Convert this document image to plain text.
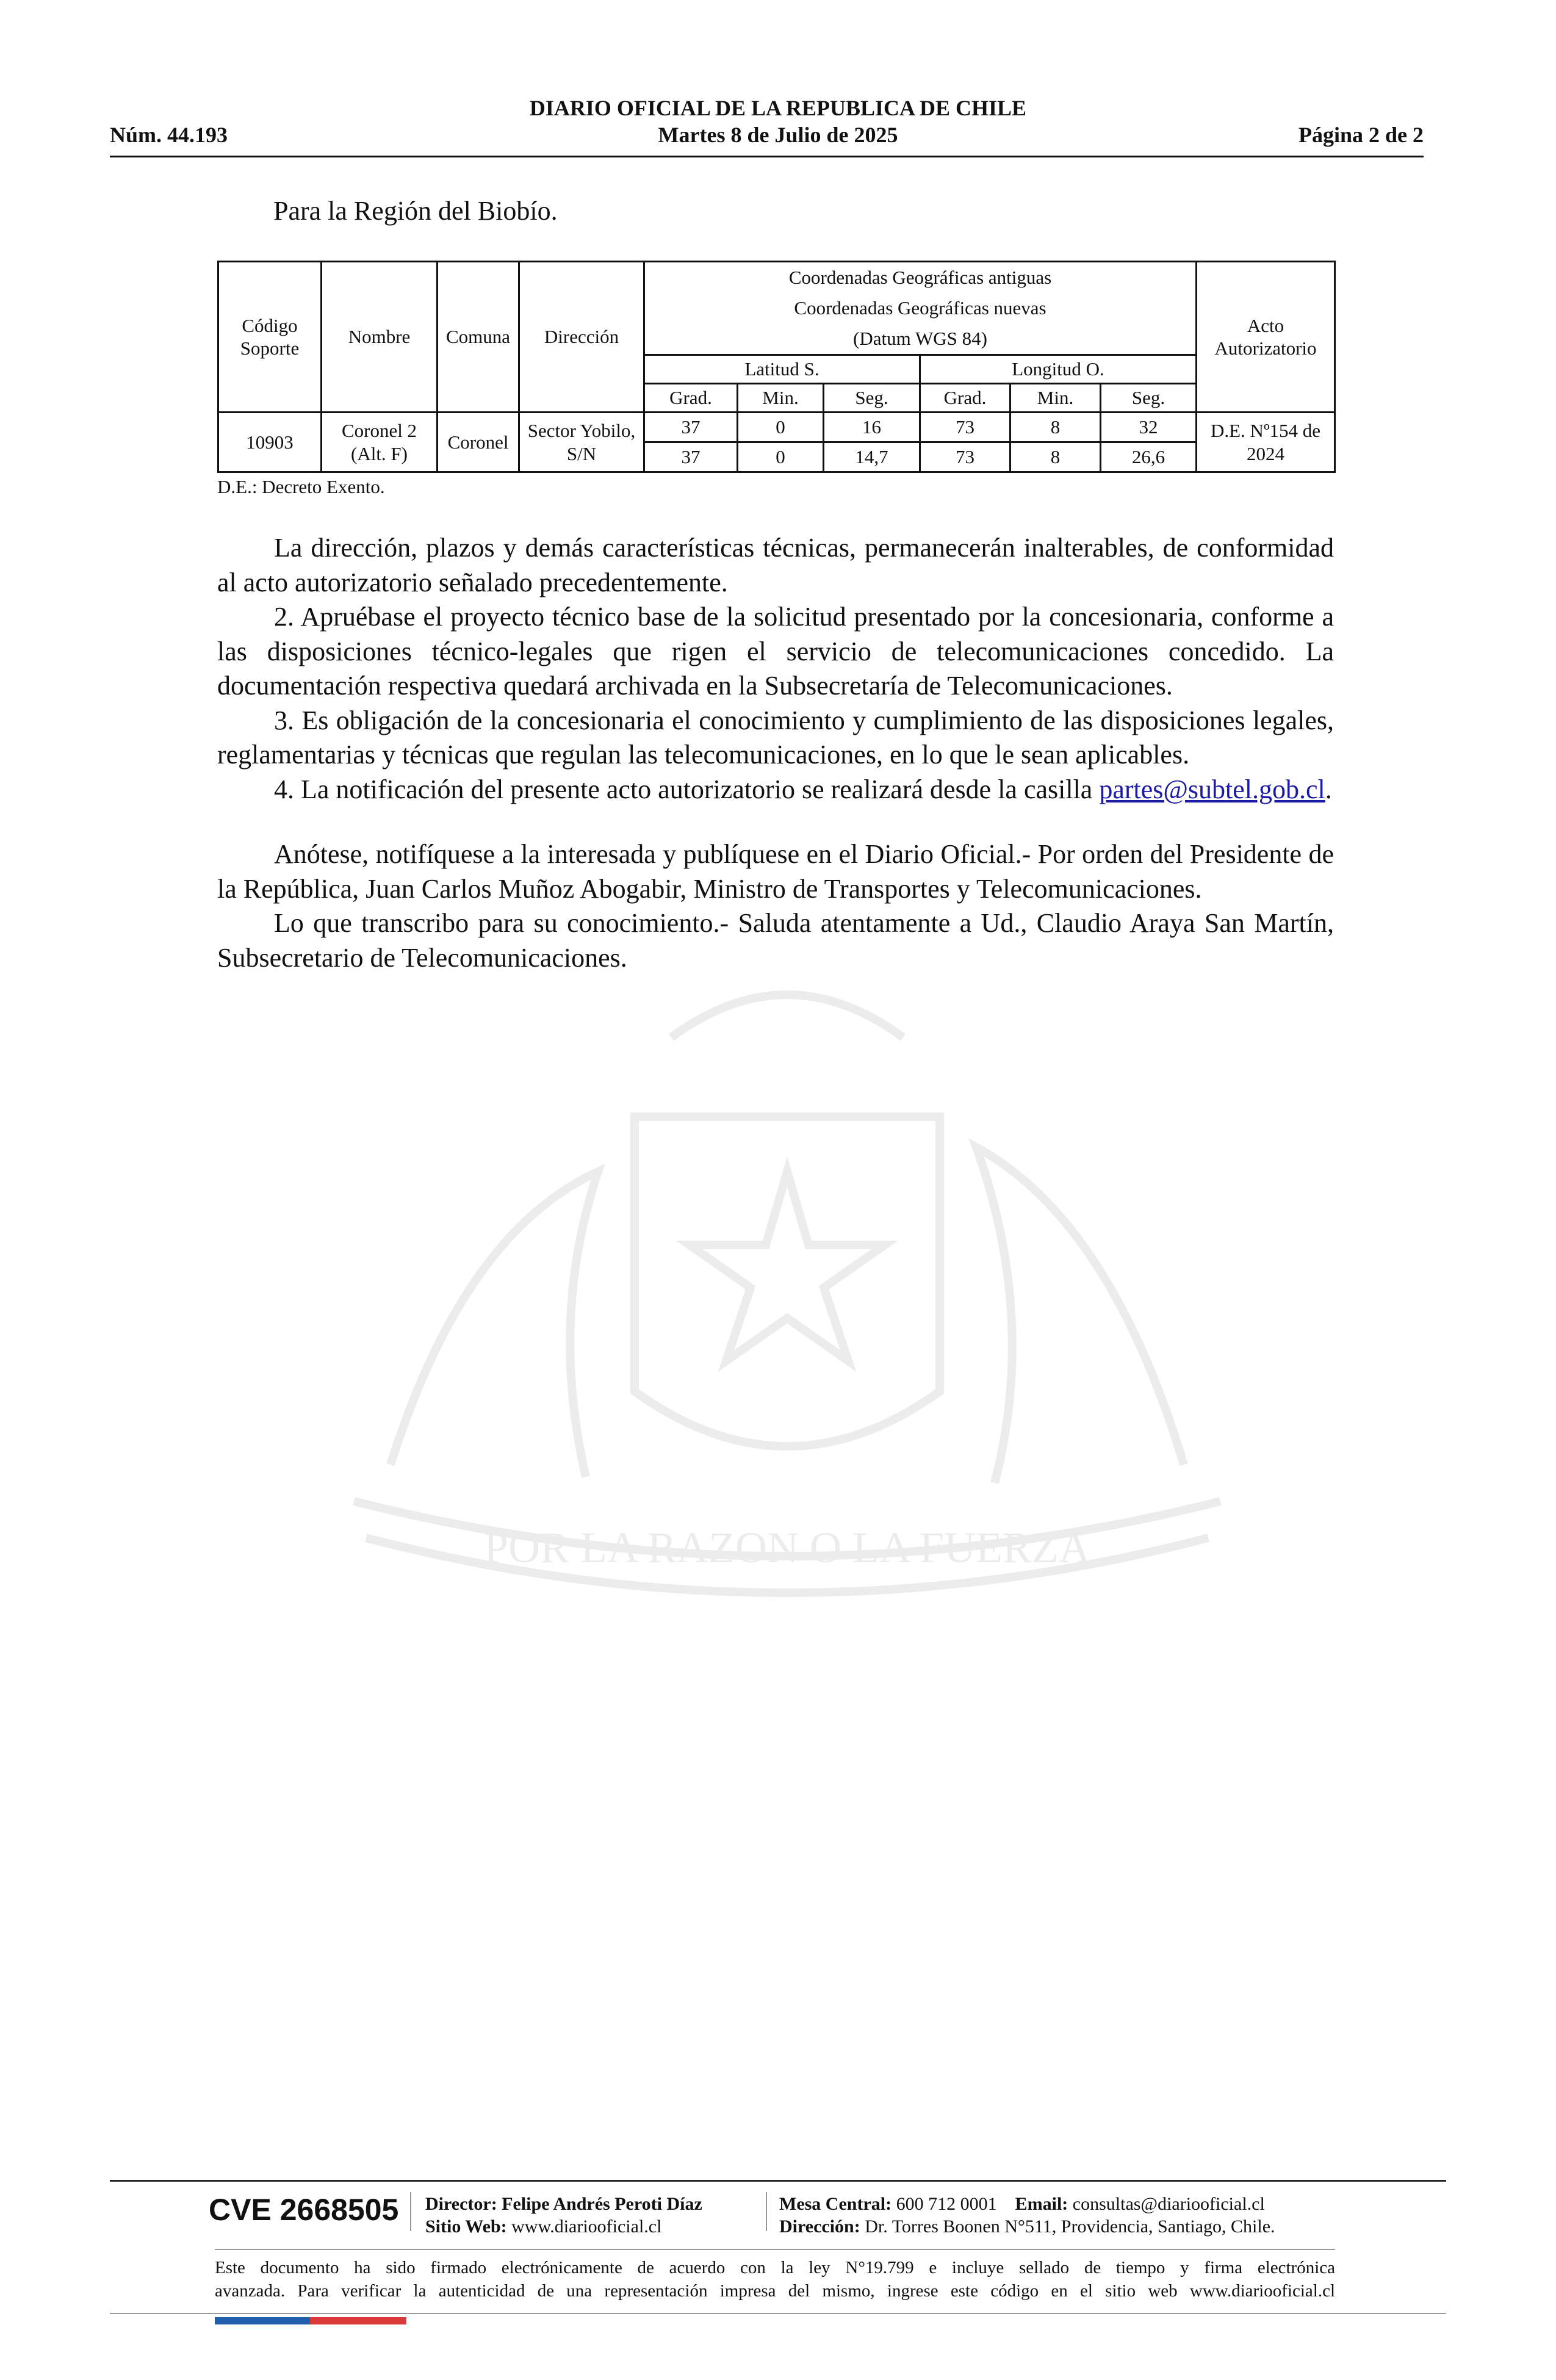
POR LA RAZON O LA FUERZA
DIARIO OFICIAL DE LA REPUBLICA DE CHILE
Núm. 44.193	Martes 8 de Julio de 2025	Página 2 de 2
Para la Región del Biobío.
Código Soporte	Nombre	Comuna	Dirección	Coordenadas Geográficas antiguas
Coordenadas Geográficas nuevas
(Datum WGS 84)						Acto Autorizatorio
				Latitud S.			Longitud O.			
				Grad.	Min.	Seg.	Grad.	Min.	Seg.	
10903	Coronel 2 (Alt. F)	Coronel	Sector Yobilo, S/N	37	0	16	73	8	32	D.E. Nº154 de 2024
				37	0	14,7	73	8	26,6	
D.E.: Decreto Exento.

La dirección, plazos y demás características técnicas, permanecerán inalterables, de conformidad al acto autorizatorio señalado precedentemente.

2. Apruébase el proyecto técnico base de la solicitud presentado por la concesionaria, conforme a las disposiciones técnico-legales que rigen el servicio de telecomunicaciones concedido. La documentación respectiva quedará archivada en la Subsecretaría de Telecomunicaciones.

3. Es obligación de la concesionaria el conocimiento y cumplimiento de las disposiciones legales, reglamentarias y técnicas que regulan las telecomunicaciones, en lo que le sean aplicables.

4. La notificación del presente acto autorizatorio se realizará desde la casilla partes@subtel.gob.cl.

Anótese, notifíquese a la interesada y publíquese en el Diario Oficial.- Por orden del Presidente de la República, Juan Carlos Muñoz Abogabir, Ministro de Transportes y Telecomunicaciones.

Lo que transcribo para su conocimiento.- Saluda atentamente a Ud., Claudio Araya San Martín, Subsecretario de Telecomunicaciones.

CVE 2668505 Director: Felipe Andrés Peroti Díaz
Sitio Web: www.diariooficial.cl
Mesa Central: 600 712 0001 Email: consultas@diariooficial.cl
Dirección: Dr. Torres Boonen N°511, Providencia, Santiago, Chile.
Este documento ha sido firmado electrónicamente de acuerdo con la ley N°19.799 e incluye sellado de tiempo y firma electrónica
avanzada. Para verificar la autenticidad de una representación impresa del mismo, ingrese este código en el sitio web www.diariooficial.cl
